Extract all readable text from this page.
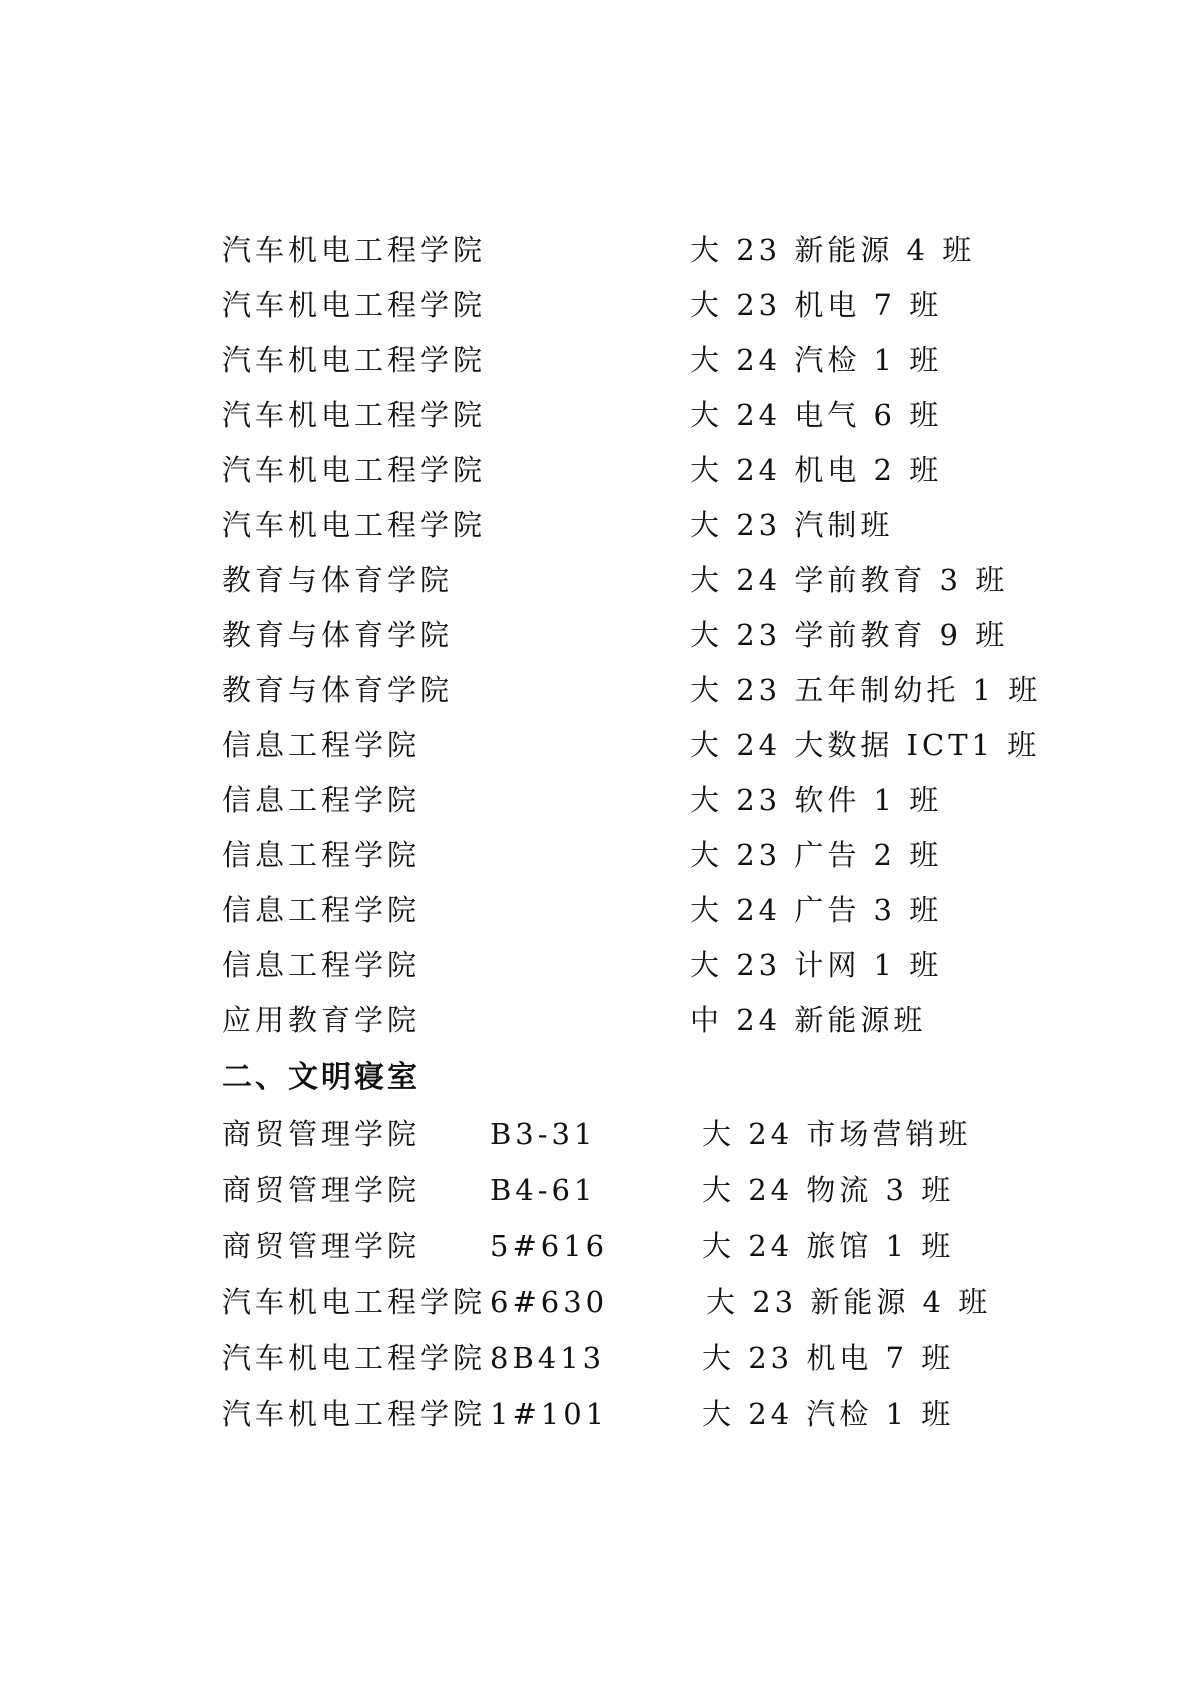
汽车机电工程学院	大 23 新能源 4 班
汽车机电工程学院	大 23 机电 7 班
汽车机电工程学院	大 24 汽检 1 班
汽车机电工程学院	大 24 电气 6 班
汽车机电工程学院	大 24 机电 2 班
汽车机电工程学院	大 23 汽制班
教育与体育学院	大 24 学前教育 3 班
教育与体育学院	大 23 学前教育 9 班
教育与体育学院	大 23 五年制幼托 1 班
信息工程学院	大 24 大数据 ICT1 班
信息工程学院	大 23 软件 1 班
信息工程学院	大 23 广告 2 班
信息工程学院	大 24 广告 3 班
信息工程学院	大 23 计网 1 班
应用教育学院	中 24 新能源班
二、文明寝室
商贸管理学院 B3-31	大 24 市场营销班
商贸管理学院 B4-61	大 24 物流 3 班
商贸管理学院 5#616	大 24 旅馆 1 班
汽车机电工程学院 6#630	大 23 新能源 4 班
汽车机电工程学院 8B413	大 23 机电 7 班
汽车机电工程学院 1#101	大 24 汽检 1 班
